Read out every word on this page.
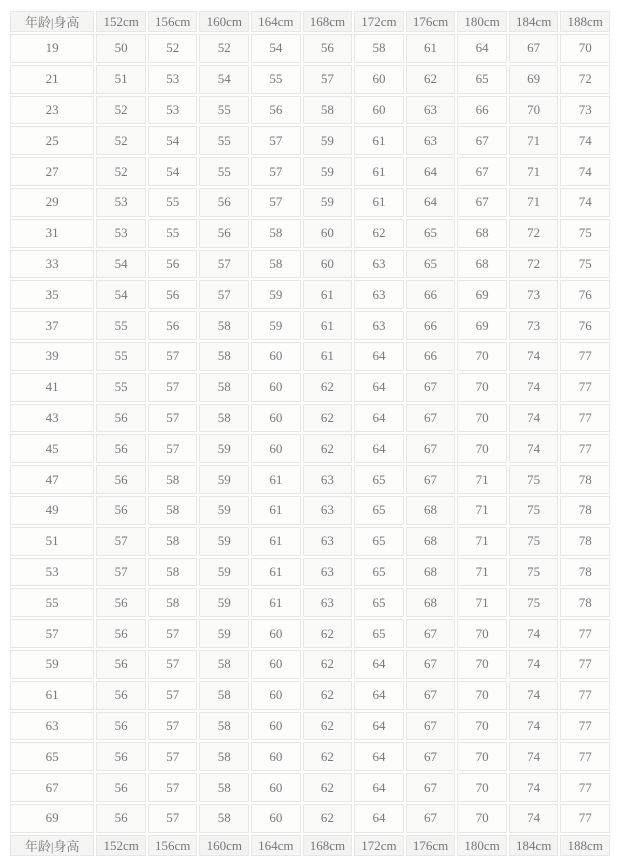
年龄|身高	152cm	156cm	160cm	164cm	168cm	172cm	176cm	180cm	184cm	188cm
19	50	52	52	54	56	58	61	64	67	70
21	51	53	54	55	57	60	62	65	69	72
23	52	53	55	56	58	60	63	66	70	73
25	52	54	55	57	59	61	63	67	71	74
27	52	54	55	57	59	61	64	67	71	74
29	53	55	56	57	59	61	64	67	71	74
31	53	55	56	58	60	62	65	68	72	75
33	54	56	57	58	60	63	65	68	72	75
35	54	56	57	59	61	63	66	69	73	76
37	55	56	58	59	61	63	66	69	73	76
39	55	57	58	60	61	64	66	70	74	77
41	55	57	58	60	62	64	67	70	74	77
43	56	57	58	60	62	64	67	70	74	77
45	56	57	59	60	62	64	67	70	74	77
47	56	58	59	61	63	65	67	71	75	78
49	56	58	59	61	63	65	68	71	75	78
51	57	58	59	61	63	65	68	71	75	78
53	57	58	59	61	63	65	68	71	75	78
55	56	58	59	61	63	65	68	71	75	78
57	56	57	59	60	62	65	67	70	74	77
59	56	57	58	60	62	64	67	70	74	77
61	56	57	58	60	62	64	67	70	74	77
63	56	57	58	60	62	64	67	70	74	77
65	56	57	58	60	62	64	67	70	74	77
67	56	57	58	60	62	64	67	70	74	77
69	56	57	58	60	62	64	67	70	74	77
年龄|身高	152cm	156cm	160cm	164cm	168cm	172cm	176cm	180cm	184cm	188cm
